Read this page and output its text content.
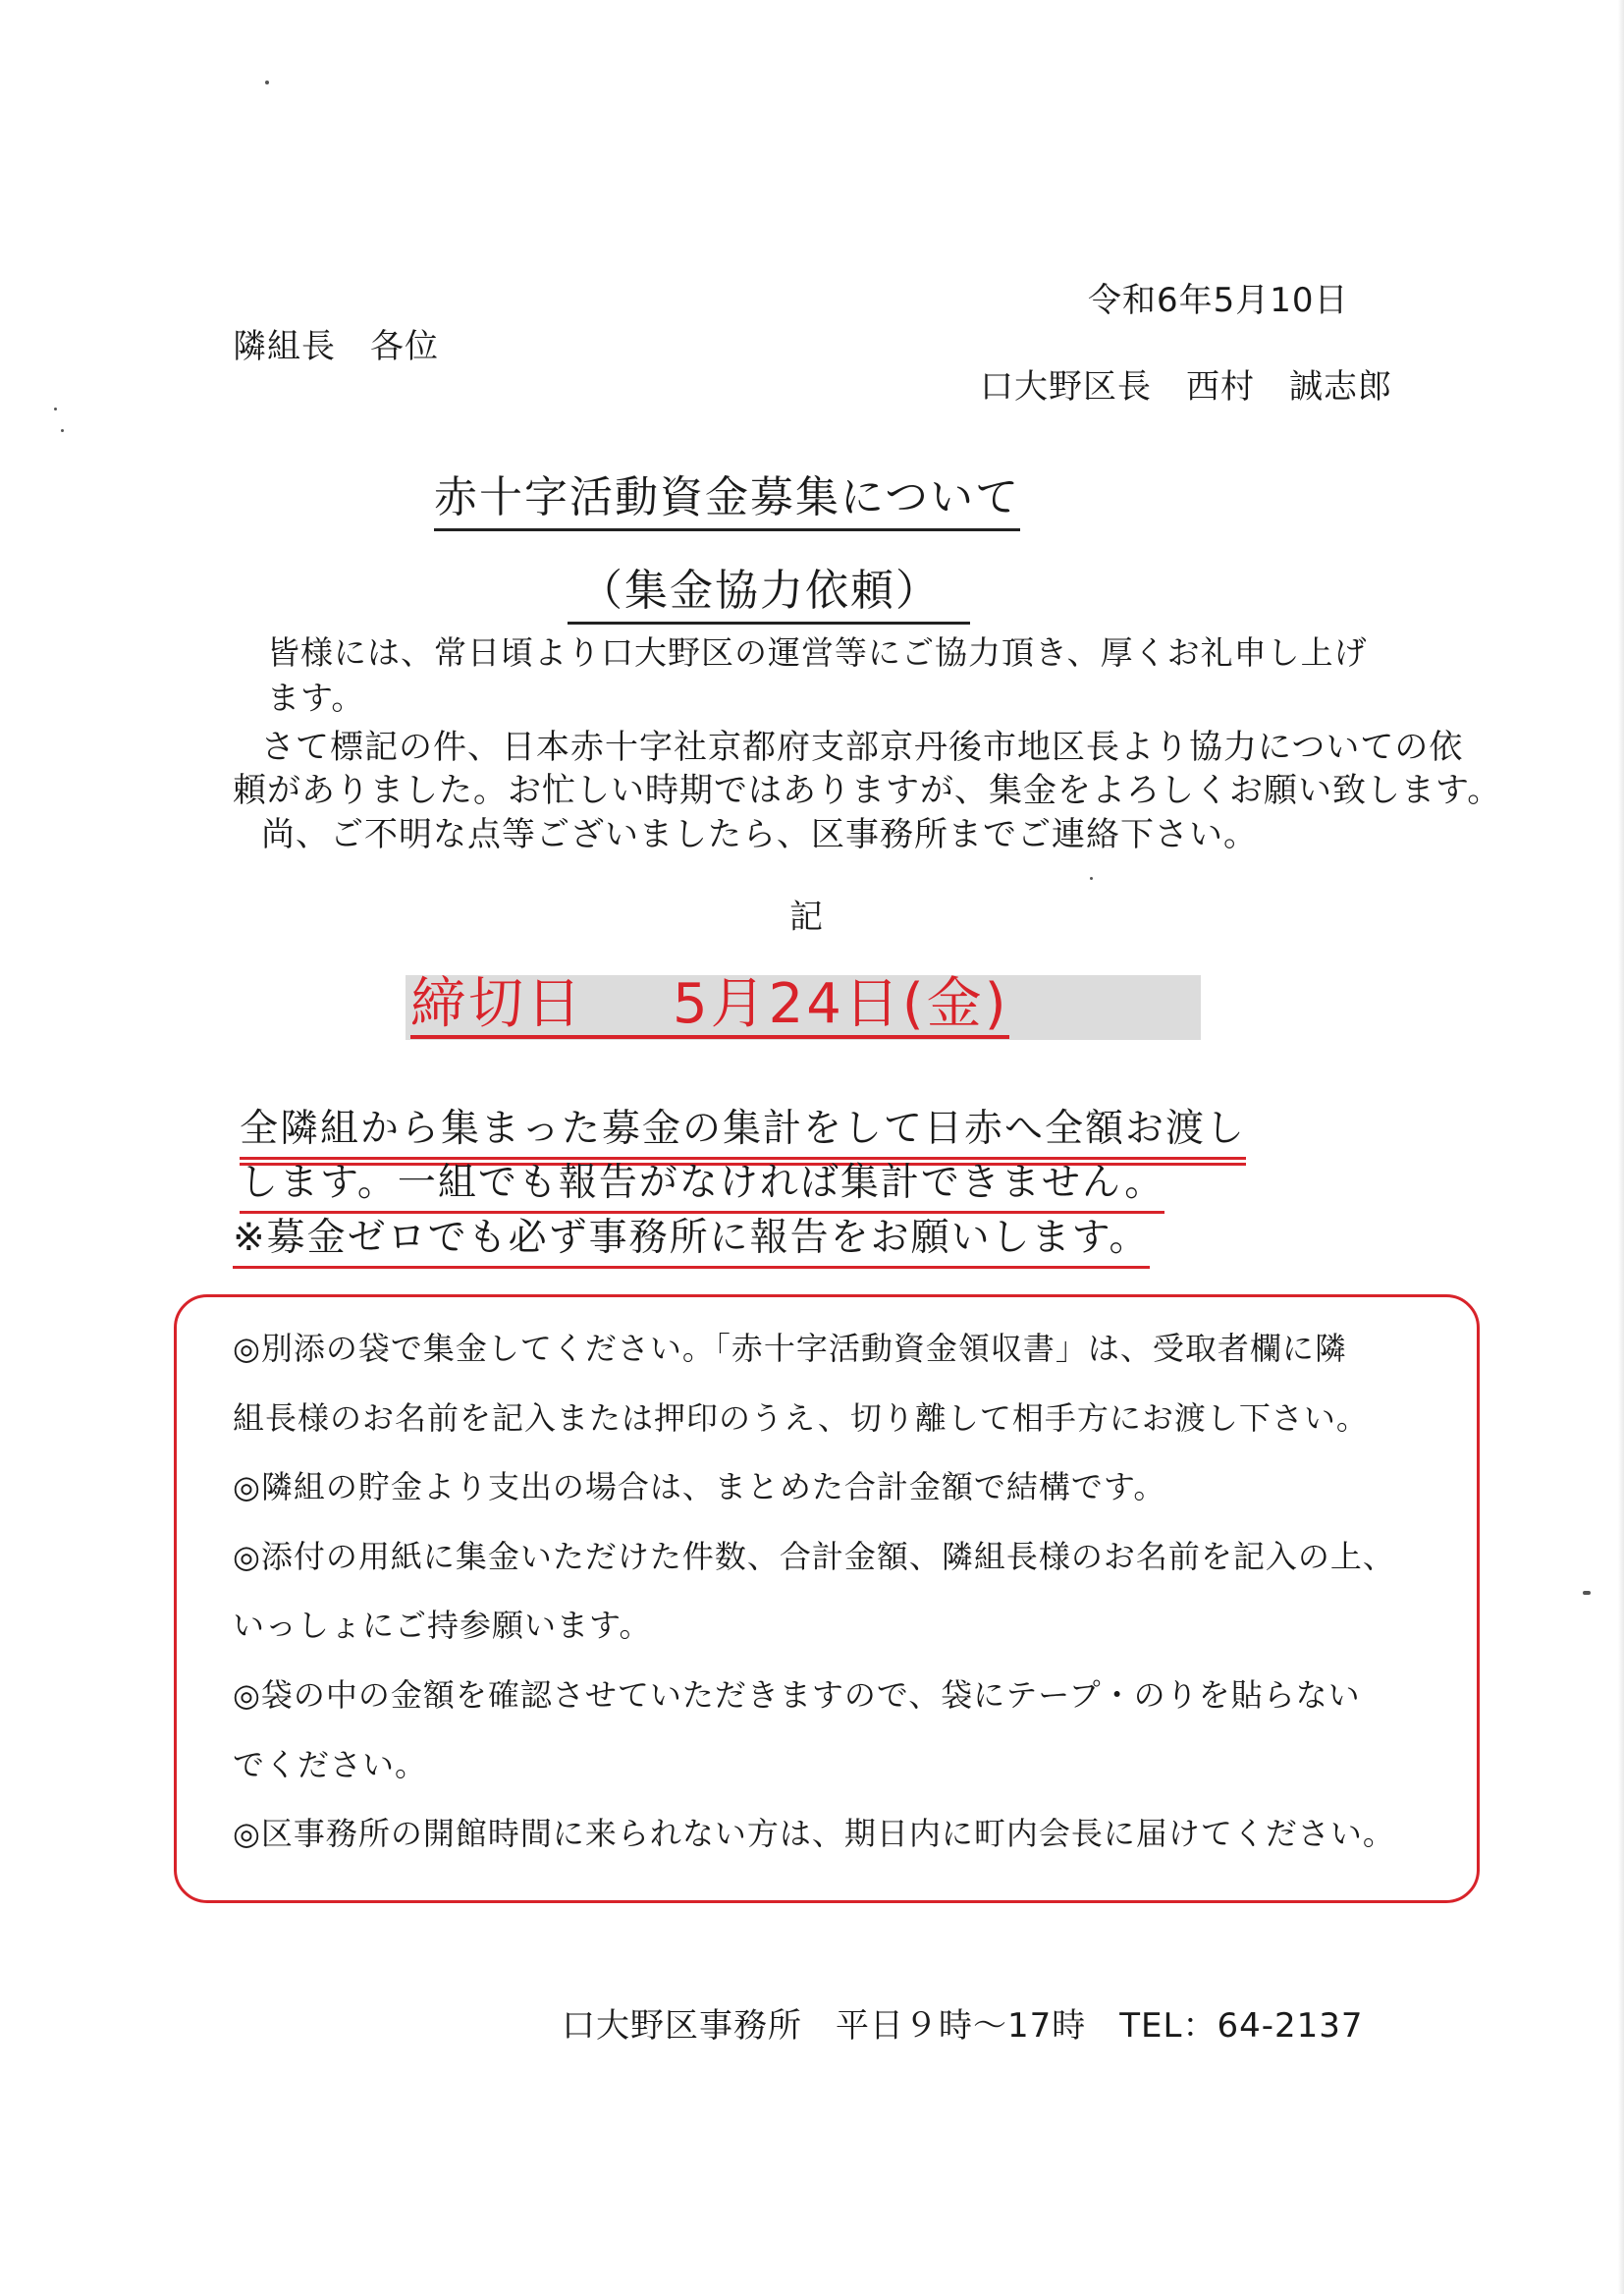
令和6年5月10日
隣組長　各位
口大野区長　西村　誠志郎
赤十字活動資金募集について
（集金協力依頼）
皆様には、常日頃より口大野区の運営等にご協力頂き、厚くお礼申し上げます。
さて標記の件、日本赤十字社京都府支部京丹後市地区長より協力についての依
頼がありました。お忙しい時期ではありますが、集金をよろしくお願い致します。
尚、ご不明な点等ございましたら、区事務所までご連絡下さい。
記
締切日 5月24日(金)
全隣組から集まった募金の集計をして日赤へ全額お渡し
します。一組でも報告がなければ集計できません。
※募金ゼロでも必ず事務所に報告をお願いします。
◎別添の袋で集金してください。「赤十字活動資金領収書」は、受取者欄に隣
組長様のお名前を記入または押印のうえ、切り離して相手方にお渡し下さい。
◎隣組の貯金より支出の場合は、まとめた合計金額で結構です。
◎添付の用紙に集金いただけた件数、合計金額、隣組長様のお名前を記入の上、
いっしょにご持参願います。
◎袋の中の金額を確認させていただきますので、袋にテープ・のりを貼らない
でください。
◎区事務所の開館時間に来られない方は、期日内に町内会長に届けてください。
口大野区事務所 平日９時～17時 TEL：64-2137
